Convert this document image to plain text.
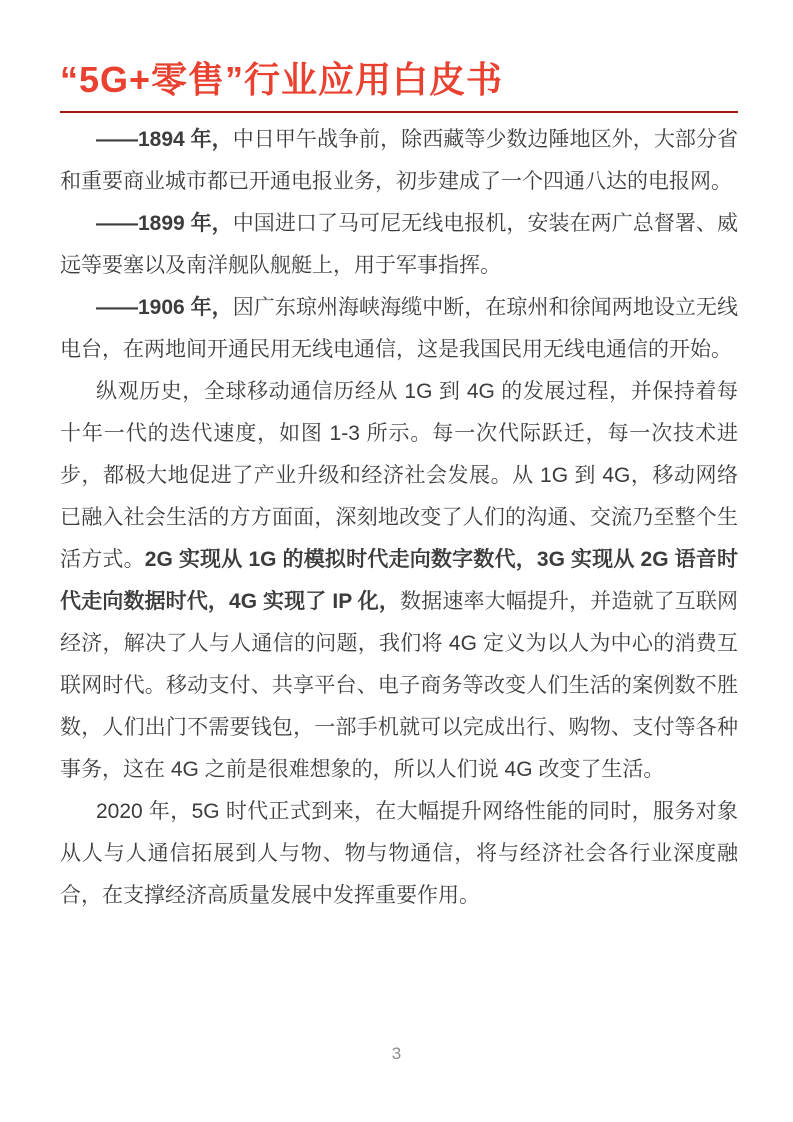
“5G+零售”行业应用白皮书

——1894 年，中日甲午战争前，除西藏等少数边陲地区外，大部分省和重要商业城市都已开通电报业务，初步建成了一个四通八达的电报网。

——1899 年，中国进口了马可尼无线电报机，安装在两广总督署、威远等要塞以及南洋舰队舰艇上，用于军事指挥。

——1906 年，因广东琼州海峡海缆中断，在琼州和徐闻两地设立无线电台，在两地间开通民用无线电通信，这是我国民用无线电通信的开始。

纵观历史，全球移动通信历经从 1G 到 4G 的发展过程，并保持着每十年一代的迭代速度，如图 1-3 所示。每一次代际跃迁，每一次技术进步，都极大地促进了产业升级和经济社会发展。从 1G 到 4G，移动网络已融入社会生活的方方面面，深刻地改变了人们的沟通、交流乃至整个生活方式。2G 实现从 1G 的模拟时代走向数字数代，3G 实现从 2G 语音时代走向数据时代，4G 实现了 IP 化，数据速率大幅提升，并造就了互联网经济，解决了人与人通信的问题，我们将 4G 定义为以人为中心的消费互联网时代。移动支付、共享平台、电子商务等改变人们生活的案例数不胜数，人们出门不需要钱包，一部手机就可以完成出行、购物、支付等各种事务，这在 4G 之前是很难想象的，所以人们说 4G 改变了生活。

2020 年，5G 时代正式到来，在大幅提升网络性能的同时，服务对象从人与人通信拓展到人与物、物与物通信，将与经济社会各行业深度融合，在支撑经济高质量发展中发挥重要作用。

3
